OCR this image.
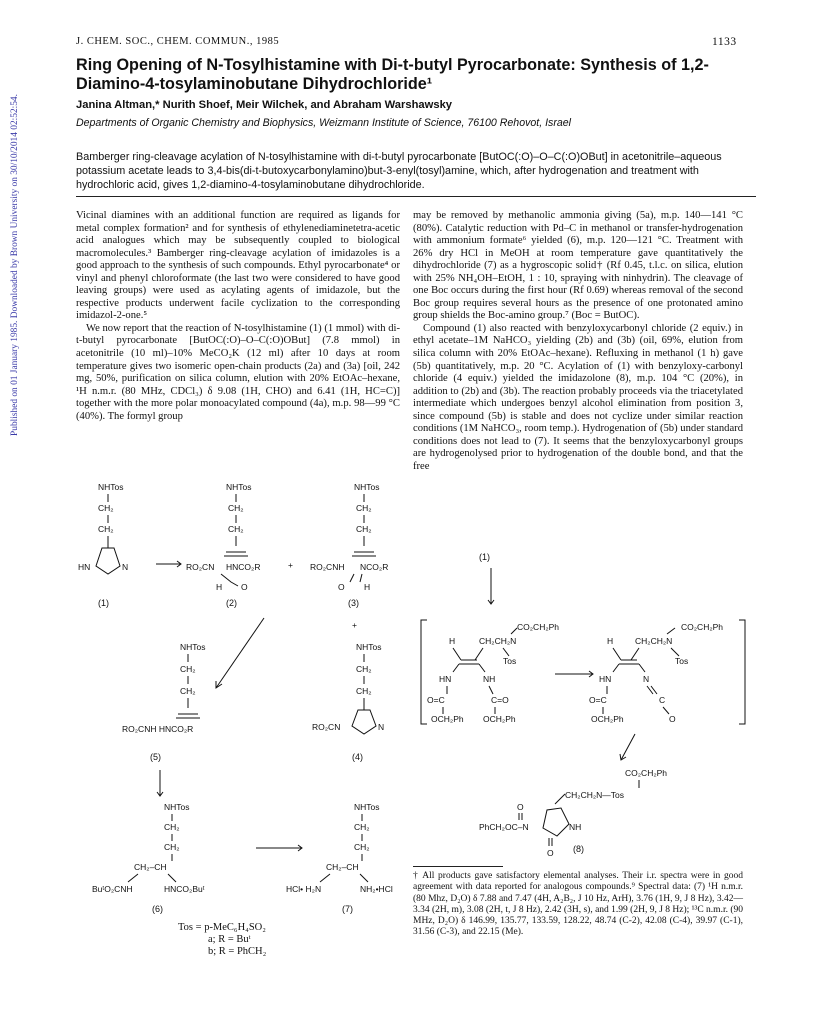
J. CHEM. SOC., CHEM. COMMUN., 1985	1133
Published on 01 January 1985. Downloaded by Brown University on 30/10/2014 02:52:54.
Ring Opening of N-Tosylhistamine with Di-t-butyl Pyrocarbonate: Synthesis of 1,2-Diamino-4-tosylaminobutane Dihydrochloride¹
Janina Altman,* Nurith Shoef, Meir Wilchek, and Abraham Warshawsky
Departments of Organic Chemistry and Biophysics, Weizmann Institute of Science, 76100 Rehovot, Israel
Bamberger ring-cleavage acylation of N-tosylhistamine with di-t-butyl pyrocarbonate [ButOC(:O)–O–C(:O)OBut] in acetonitrile–aqueous potassium acetate leads to 3,4-bis(di-t-butoxycarbonylamino)but-3-enyl(tosyl)amine, which, after hydrogenation and treatment with hydrochloric acid, gives 1,2-diamino-4-tosylaminobutane dihydrochloride.

Vicinal diamines with an additional function are required as ligands for metal complex formation² and for synthesis of ethylenediaminetetra-acetic acid analogues which may be subsequently coupled to biological macromolecules.³ Bamberger ring-cleavage acylation of imidazoles is a good approach to the synthesis of such compounds. Ethyl pyrocarbonate⁴ or vinyl and phenyl chloroformate (the last two were considered to have good leaving groups) were used as acylating agents of imidazole, but the respective products underwent facile cyclization to the corresponding imidazol-2-one.⁵

We now report that the reaction of N-tosylhistamine (1) (1 mmol) with di-t-butyl pyrocarbonate [ButOC(:O)–O–C(:O)OBut] (7.8 mmol) in acetonitrile (10 ml)–10% MeCO₂K (12 ml) after 10 days at room temperature gives two isomeric open-chain products (2a) and (3a) [oil, 242 mg, 50%, purification on silica column, elution with 20% EtOAc–hexane, ¹H n.m.r. (80 MHz, CDCl₃) δ 9.08 (1H, CHO) and 6.41 (1H, HC=C)] together with the more polar monoacylated compound (4a), m.p. 98—99 °C (40%). The formyl group

may be removed by methanolic ammonia giving (5a), m.p. 140—141 °C (80%). Catalytic reduction with Pd–C in methanol or transfer-hydrogenation with ammonium formate⁶ yielded (6), m.p. 120—121 °C. Treatment with 26% dry HCl in MeOH at room temperature gave quantitatively the dihydrochloride (7) as a hygroscopic solid† (Rf 0.45, t.l.c. on silica, elution with 25% NH₄OH–EtOH, 1 : 10, spraying with ninhydrin). The cleavage of one Boc occurs during the first hour (Rf 0.69) whereas removal of the second Boc group requires several hours as the presence of one protonated amino group shields the Boc-amino group.⁷ (Boc = ButOC).

Compound (1) also reacted with benzyloxycarbonyl chloride (2 equiv.) in ethyl acetate–1M NaHCO₃ yielding (2b) and (3b) (oil, 69%, elution from silica column with 20% EtOAc–hexane). Refluxing in methanol (1 h) gave (5b) quantitatively, m.p. 20 °C. Acylation of (1) with benzyloxy-carbonyl chloride (4 equiv.) yielded the imidazolone (8), m.p. 104 °C (20%), in addition to (2b) and (3b). The reaction probably proceeds via the triacetylated intermediate which undergoes benzyl alcohol elimination from position 3, since compound (5b) is stable and does not cyclize under similar reaction conditions (1M NaHCO₃, room temp.). Hydrogenation of (5b) under standard conditions does not lead to (7). It seems that the benzyloxycarbonyl groups are hydrogenolysed prior to hydrogenation of the double bond, and that the free

NHTos
CH₂
CH₂
HN	N
(1)
NHTos
CH₂
CH₂
RO₂CN HNCO₂R
H O
(2)
+
NHTos
CH₂
CH₂
RO₂CNH NCO₂R
O H
(3)
+
NHTos
CH₂
CH₂
RO₂CNH HNCO₂R
(5)
NHTos
CH₂
CH₂
RO₂CN	N
(4)
NHTos
CH₂
CH₂
CH₂–CH
BuᵗO₂CNH	HNCO₂Buᵗ
(6)
NHTos
CH₂
CH₂
CH₂–CH
HCl• H₂N	NH₂•HCl
(7)
Tos = p-MeC₆H₄SO₂
a; R = Buᵗ
b; R = PhCH₂
(1)
CO₂CH₂Ph
H	CH₂CH₂N
Tos
HN	NH
O=C	C=O
OCH₂Ph OCH₂Ph
CO₂CH₂Ph
H	CH₂CH₂N
Tos
HN	N
O=C	C
OCH₂Ph	O
CO₂CH₂Ph
CH₂CH₂N—Tos
O
PhCH₂OC–N	NH
O (8)
† All products gave satisfactory elemental analyses. Their i.r. spectra were in good agreement with data reported for analogous compounds.⁹ Spectral data: (7) ¹H n.m.r. (80 Mhz, D₂O) δ 7.88 and 7.47 (4H, A₂B₂, J 10 Hz, ArH), 3.76 (1H, 9, J 8 Hz), 3.42—3.34 (2H, m), 3.08 (2H, t, J 8 Hz), 2.42 (3H, s), and 1.99 (2H, 9, J 8 Hz); ¹³C n.m.r. (90 MHz, D₂O) δ 146.99, 135.77, 133.59, 128.22, 48.74 (C-2), 42.08 (C-4), 39.97 (C-1), 31.56 (C-3), and 22.15 (Me).
